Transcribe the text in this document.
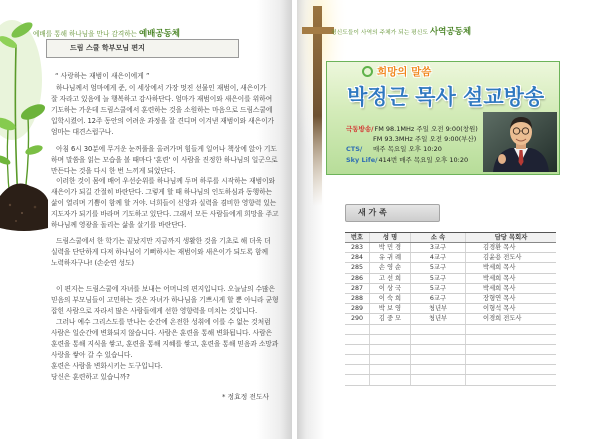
예배를 통해 하나님을 만나 감격하는 예배공동체
드림 스쿨 학부모님 편지
“ 사랑하는 재범이 새은이에게 ”
하나님께서 엄마에게 준, 이 세상에서 가장 멋진 선물인 재범이, 새은이가
잘 자라고 있음에 늘 행복하고 감사하단다. 엄마가 재범이와 새은이를 위하여
기도하는 가운데 드림스쿨에서 훈련하는 것을 소원하는 마음으로 드림스쿨에
입학시켰어. 12주 동안의 어려운 과정을 잘 견디며 이겨낸 재범이와 새은이가
엄마는 대견스럽구나.
아침 6시 30분에 무거운 눈꺼풀을 올려가며 힘들게 일어나 책상에 앉아 기도
하며 말씀을 읽는 모습을 볼 때마다 '훈련' 이 사람을 진정한 하나님의 일군으로
만든다는 것을 다시 한 번 느끼게 되었단다.
이러한 것이 몸에 배어 우선순위를 하나님께 두며 하루를 시작하는 재범이와
새은이가 되길 간절히 바란단다. 그렇게 할 때 하나님의 인도하심과 동행하는
삶이 열리며 기쁨이 함께 할 거야. 너희들이 신앙과 실력을 겸비한 영향력 있는
지도자가 되기를 바라며 기도하고 있단다. 그래서 모든 사람들에게 희망을 주고
하나님께 영광을 돌리는 삶을 살기를 바란단다.
드림스쿨에서 한 학기는 끝났지만 지금까지 생활한 것을 기초로 해 더욱 더
실력을 단단하게 다져 하나님이 기뻐하시는 재범이와 새은이가 되도록 함께
노력하자구나! (손순연 성도)
이 편지는 드림스쿨에 자녀를 보내는 어머니의 편지입니다. 오늘날의 수많은
믿음의 부모님들이 고민하는 것은 자녀가 하나님을 기쁘시게 할 뿐 아니라 균형
잡힌 사람으로 자라서 많은 사람들에게 선한 영향력을 미치는 것입니다.
그러나 예수 그리스도를 만나는 순간에 온전한 성취에 이를 수 없는 것처럼
사람은 일순간에 변화되지 않습니다. 사람은 훈련을 통해 변화됩니다. 사람은
훈련을 통해 지식을 쌓고, 훈련을 통해 지혜를 쌓고, 훈련을 통해 믿음과 소망과
사랑을 쌓아 갈 수 있습니다.
훈련은 사람을 변화시키는 도구입니다.
당신은 훈련하고 있습니까?
* 정효정 전도사
평신도들이 사역의 주체가 되는 평신도 사역공동체
희망의 말씀
박정근 목사 설교방송
극동방송/ FM 98.1MHz 주일 오전 9:00(창원)
FM 93.3MHz 주일 오전 9:00(부산)
CTS/	매주 목요일 오후 10:20
Sky Life/ 414번 매주 목요일 오후 10:20
새 가 족
번호	성 명	소 속	담당 목회자
283	박 민 경	3교구	김경환 목사
284	유 귀 례	4교구	김윤용 전도사
285	손 영 순	5교구	박세희 목사
286	고 선 희	5교구	박세희 목사
287	이 상 국	5교구	박세희 목사
288	이 숙 희	6교구	장형연 목사
289	박 보 영	청년부	이형석 목사
290	김 중 모	청년부	이경희 전도사
